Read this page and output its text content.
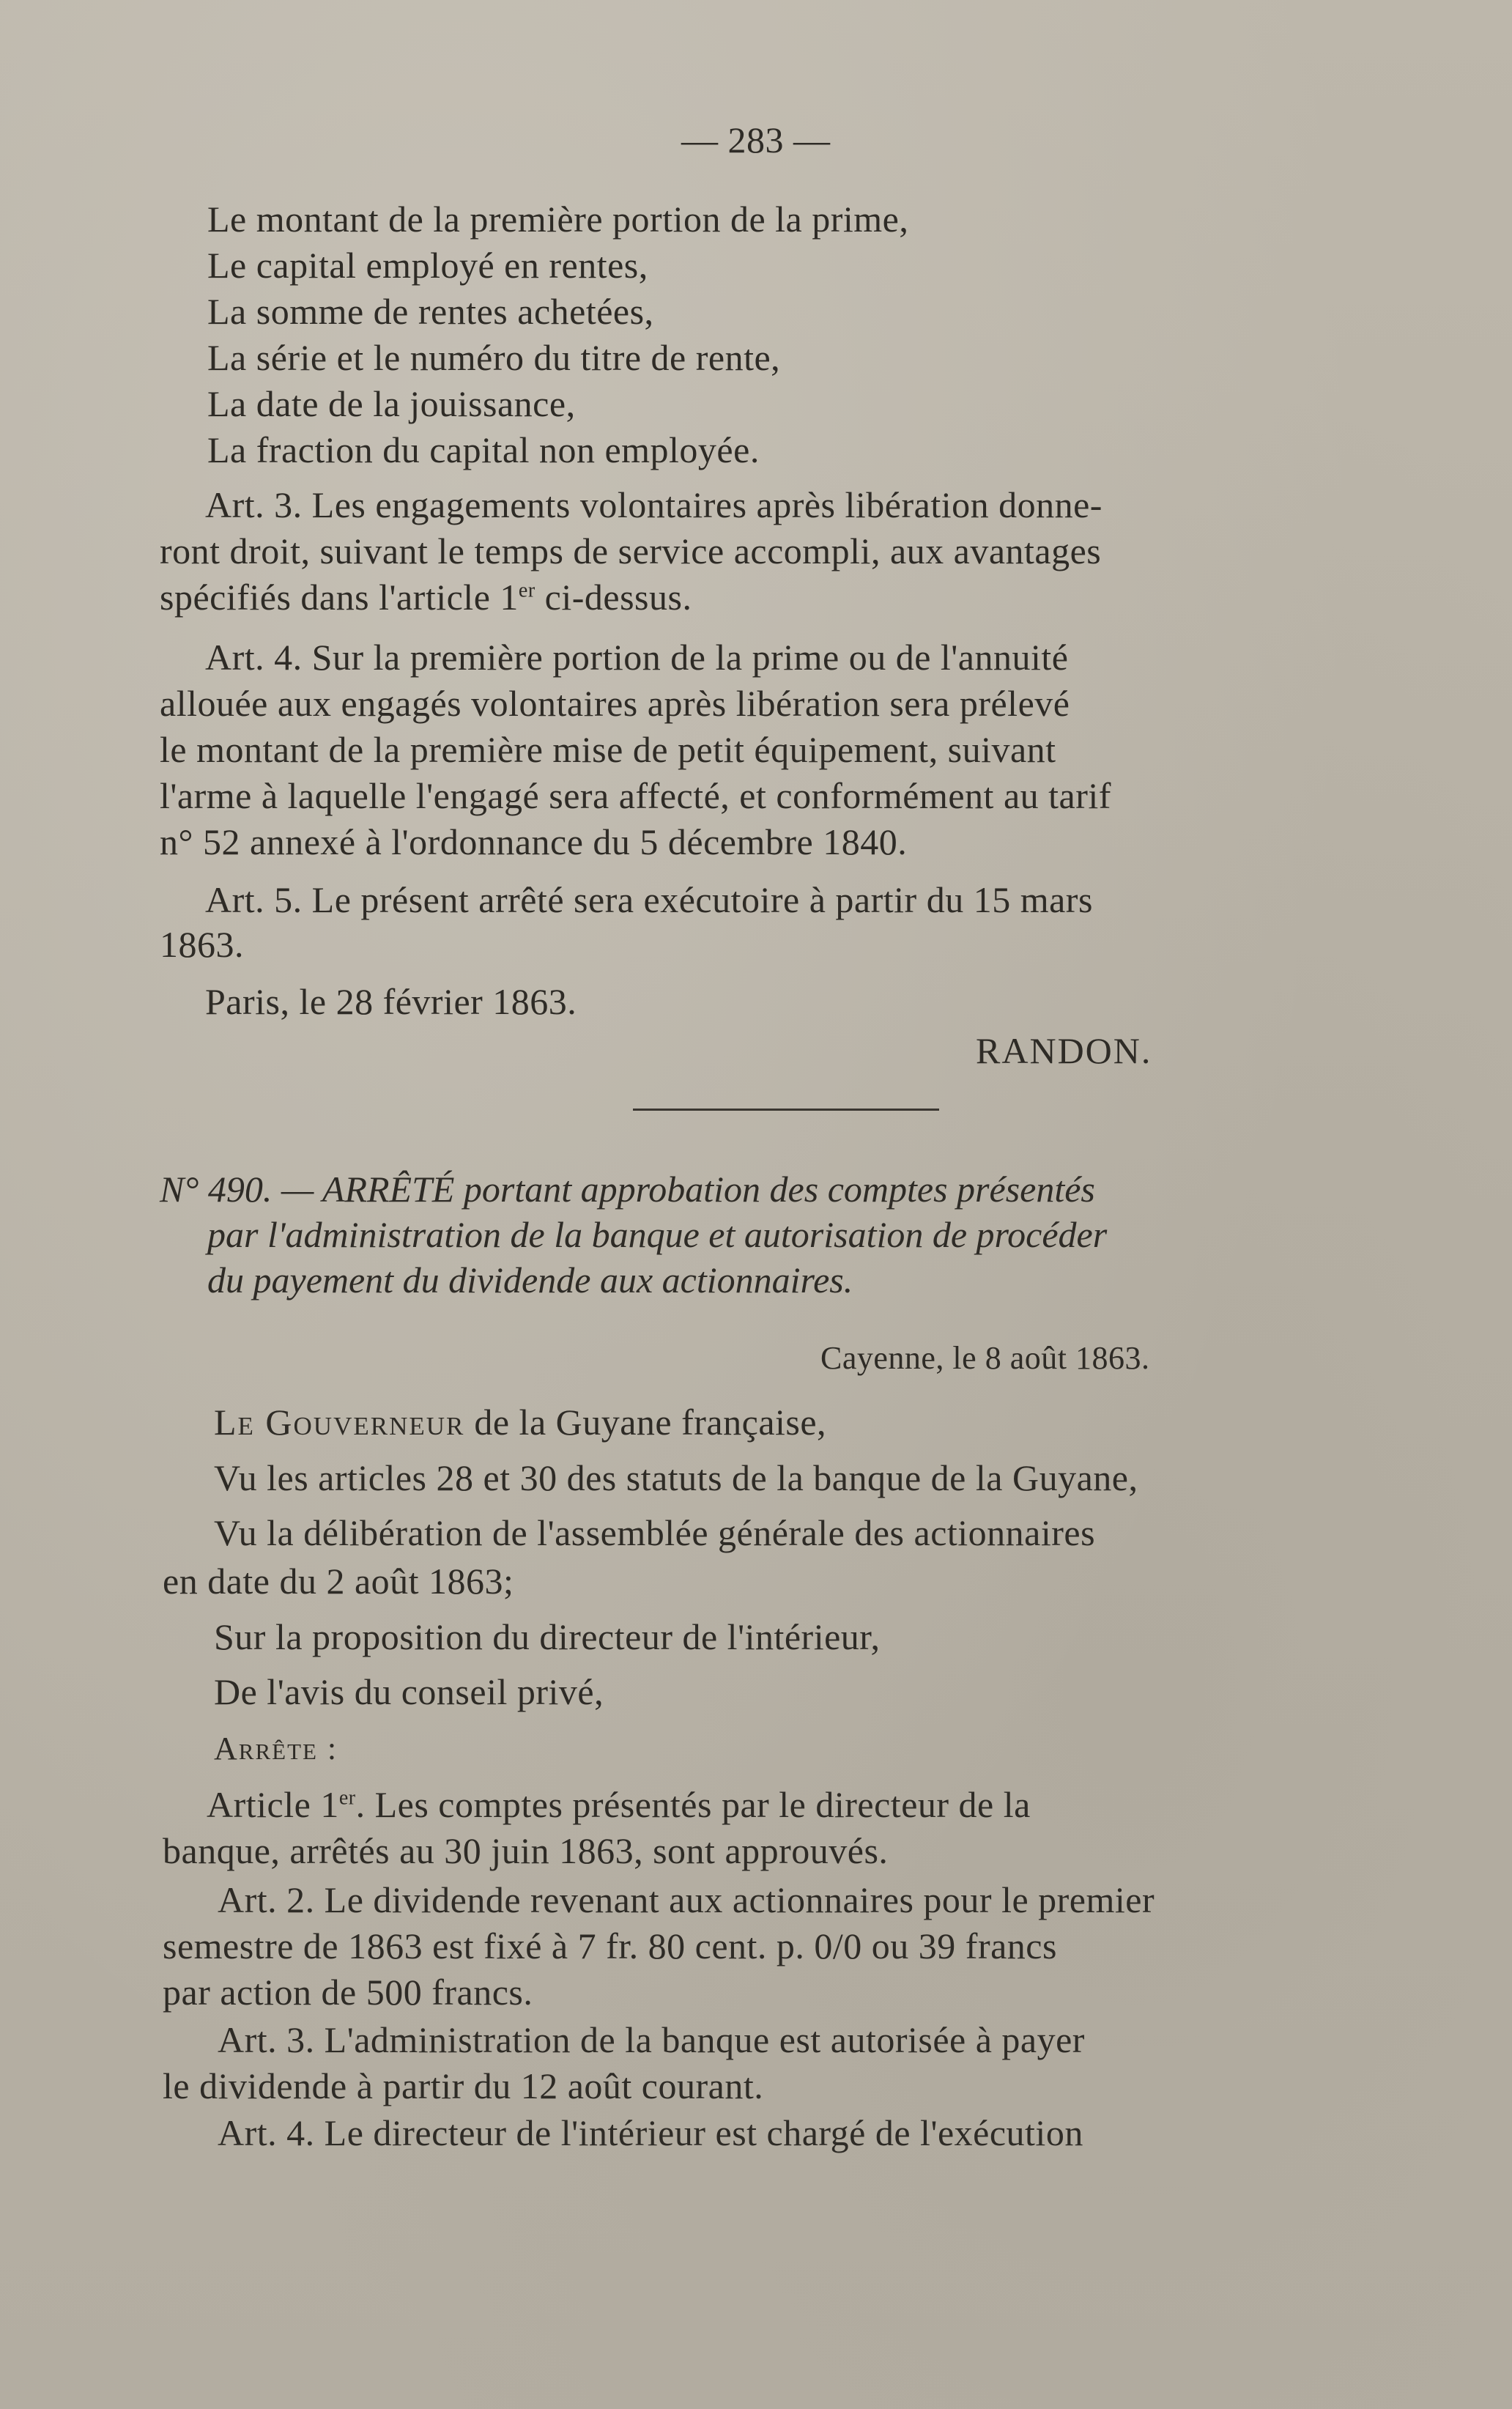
— 283 —
Le montant de la première portion de la prime,
Le capital employé en rentes,
La somme de rentes achetées,
La série et le numéro du titre de rente,
La date de la jouissance,
La fraction du capital non employée.
Art. 3. Les engagements volontaires après libération donne-
ront droit, suivant le temps de service accompli, aux avantages
spécifiés dans l'article 1er ci-dessus.
Art. 4. Sur la première portion de la prime ou de l'annuité
allouée aux engagés volontaires après libération sera prélevé
le montant de la première mise de petit équipement, suivant
l'arme à laquelle l'engagé sera affecté, et conformément au tarif
n° 52 annexé à l'ordonnance du 5 décembre 1840.
Art. 5. Le présent arrêté sera exécutoire à partir du 15 mars
1863.
Paris, le 28 février 1863.
RANDON.
N° 490. — ARRÊTÉ portant approbation des comptes présentés
par l'administration de la banque et autorisation de procéder
du payement du dividende aux actionnaires.
Cayenne, le 8 août 1863.
Le Gouverneur de la Guyane française,
Vu les articles 28 et 30 des statuts de la banque de la Guyane,
Vu la délibération de l'assemblée générale des actionnaires
en date du 2 août 1863;
Sur la proposition du directeur de l'intérieur,
De l'avis du conseil privé,
Arrête :
Article 1er. Les comptes présentés par le directeur de la
banque, arrêtés au 30 juin 1863, sont approuvés.
Art. 2. Le dividende revenant aux actionnaires pour le premier
semestre de 1863 est fixé à 7 fr. 80 cent. p. 0/0 ou 39 francs
par action de 500 francs.
Art. 3. L'administration de la banque est autorisée à payer
le dividende à partir du 12 août courant.
Art. 4. Le directeur de l'intérieur est chargé de l'exécution
